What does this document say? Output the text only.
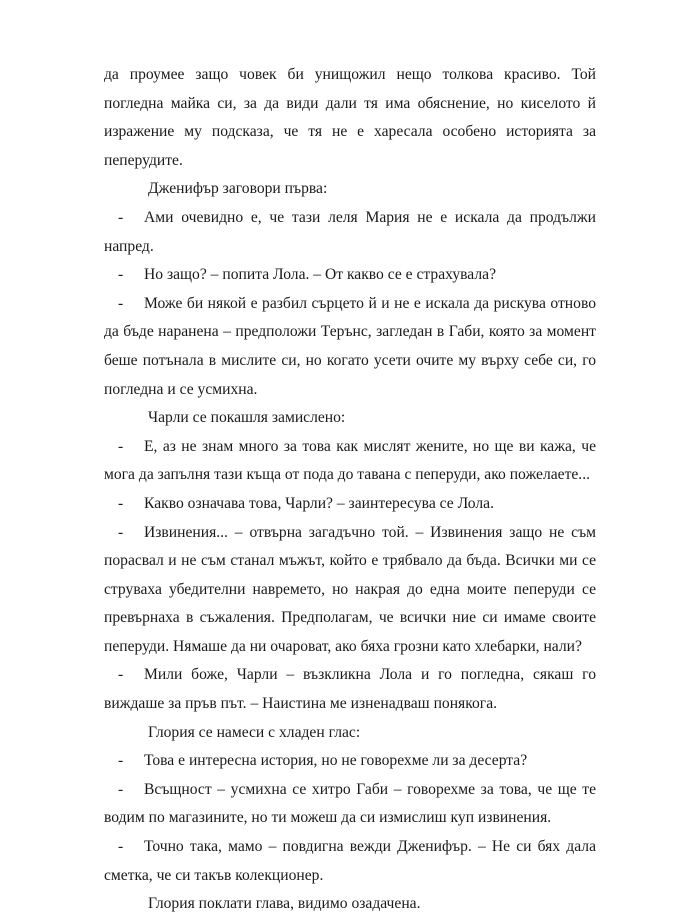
да проумее защо човек би унищожил нещо толкова красиво. Той погледна майка си, за да види дали тя има обяснение, но киселото й изражение му подсказа, че тя не е харесала особено историята за пеперудите.

Дженифър заговори първа:

-	Ами очевидно е, че тази леля Мария не е искала да продължи напред.
-	Но защо? – попита Лола. – От какво се е страхувала?
-	Може би някой е разбил сърцето й и не е искала да рискува отново да бъде наранена – предположи Терънс, загледан в Габи, която за момент беше потънала в мислите си, но когато усети очите му върху себе си, го погледна и се усмихна.

Чарли се покашля замислено:

-	Е, аз не знам много за това как мислят жените, но ще ви кажа, че мога да запълня тази къща от пода до тавана с пеперуди, ако пожелаете...
-	Какво означава това, Чарли? – заинтересува се Лола.
-	Извинения... – отвърна загадъчно той. – Извинения защо не съм порасвал и не съм станал мъжът, който е трябвало да бъда. Всички ми се струваха убедителни навремето, но накрая до една моите пеперуди се превърнаха в съжаления. Предполагам, че всички ние си имаме своите пеперуди. Нямаше да ни очароват, ако бяха грозни като хлебарки, нали?
-	Мили боже, Чарли – възкликна Лола и го погледна, сякаш го виждаше за пръв път. – Наистина ме изненадваш понякога.

Глория се намеси с хладен глас:

-	Това е интересна история, но не говорехме ли за десерта?
-	Всъщност – усмихна се хитро Габи – говорехме за това, че ще те водим по магазините, но ти можеш да си измислиш куп извинения.
-	Точно така, мамо – повдигна вежди Дженифър. – Не си бях дала сметка, че си такъв колекционер.

Глория поклати глава, видимо озадачена.
